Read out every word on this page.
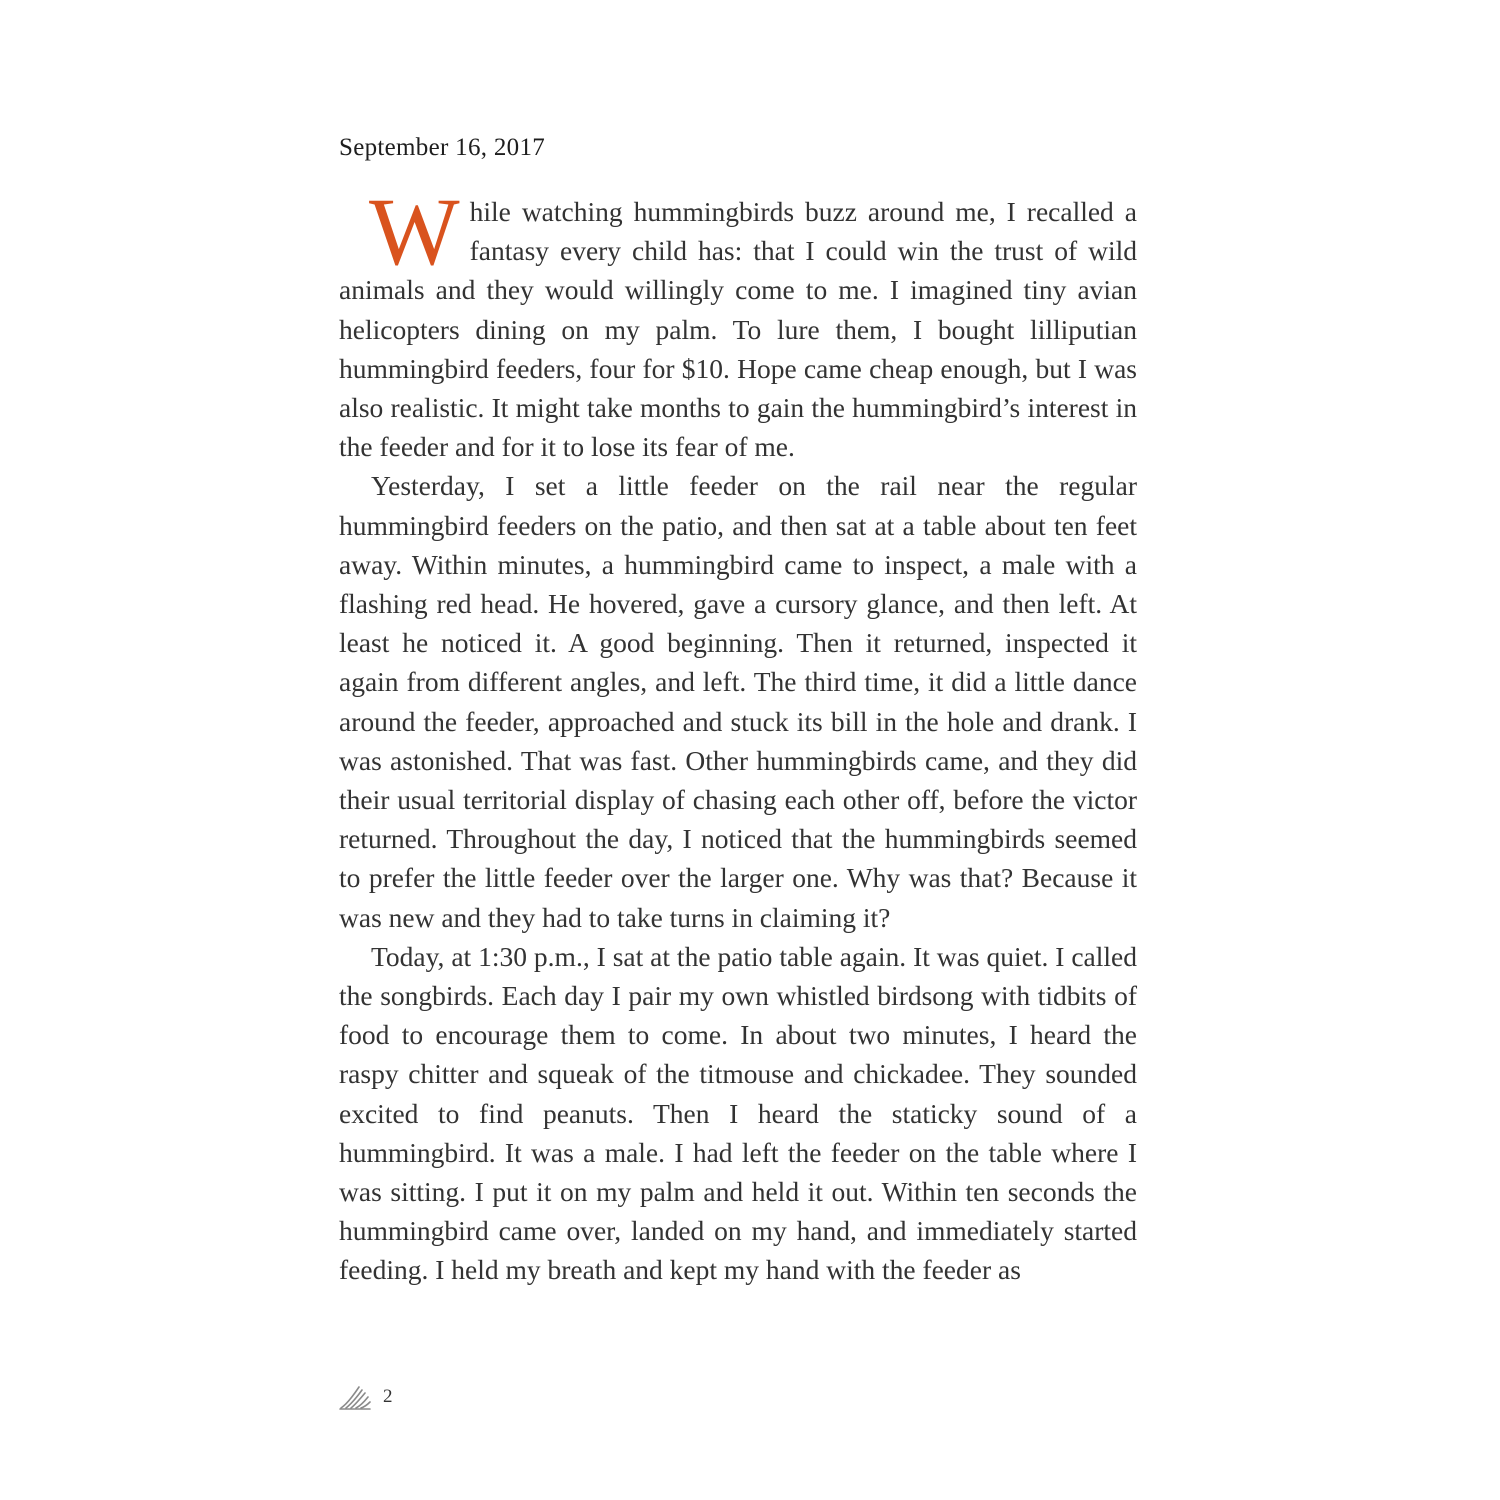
September 16, 2017

While watching hummingbirds buzz around me, I recalled a fantasy every child has: that I could win the trust of wild animals and they would willingly come to me. I imagined tiny avian helicopters dining on my palm. To lure them, I bought lilliputian hummingbird feeders, four for $10. Hope came cheap enough, but I was also realistic. It might take months to gain the hummingbird’s interest in the feeder and for it to lose its fear of me.

Yesterday, I set a little feeder on the rail near the regular hummingbird feeders on the patio, and then sat at a table about ten feet away. Within minutes, a hummingbird came to inspect, a male with a flashing red head. He hovered, gave a cursory glance, and then left. At least he noticed it. A good beginning. Then it returned, inspected it again from different angles, and left. The third time, it did a little dance around the feeder, approached and stuck its bill in the hole and drank. I was astonished. That was fast. Other hummingbirds came, and they did their usual territorial display of chasing each other off, before the victor returned. Throughout the day, I noticed that the hummingbirds seemed to prefer the little feeder over the larger one. Why was that? Because it was new and they had to take turns in claiming it?

Today, at 1:30 p.m., I sat at the patio table again. It was quiet. I called the songbirds. Each day I pair my own whistled birdsong with tidbits of food to encourage them to come. In about two minutes, I heard the raspy chitter and squeak of the titmouse and chickadee. They sounded excited to find peanuts. Then I heard the staticky sound of a hummingbird. It was a male. I had left the feeder on the table where I was sitting. I put it on my palm and held it out. Within ten seconds the hummingbird came over, landed on my hand, and immediately started feeding. I held my breath and kept my hand with the feeder as

2
